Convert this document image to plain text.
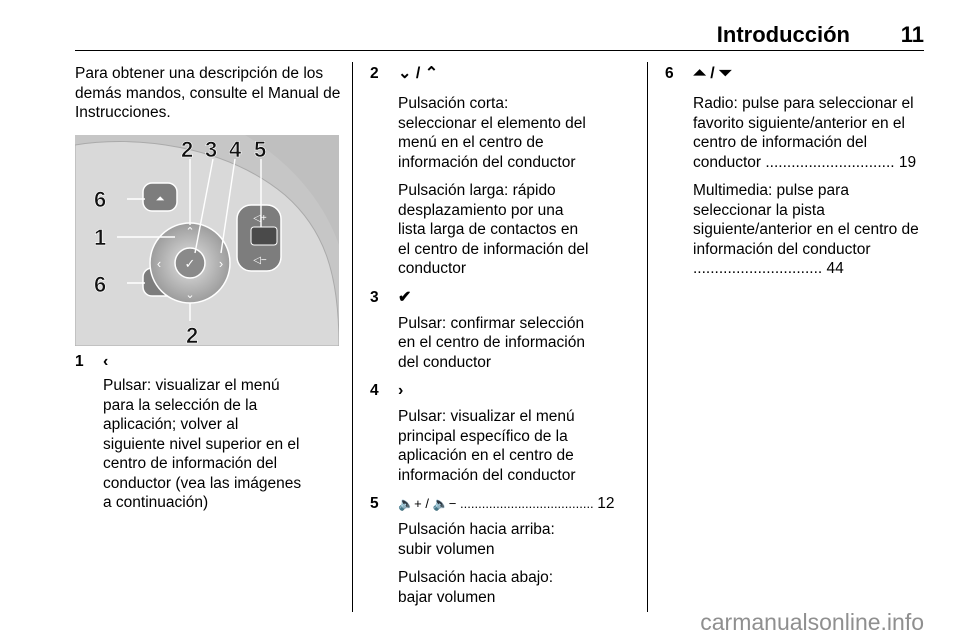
Introducción 11

Para obtener una descripción de los demás mandos, consulte el Manual de Instrucciones.

⏶
✓
⌃
⌄
‹	›
◁+
◁−
2 3 4 5
6
1
6
2
1 ‹

Pulsar: visualizar el menú para la selección de la aplicación; volver al siguiente nivel superior en el centro de información del conductor (vea las imágenes a continuación)

2 ⌄ / ⌃

Pulsación corta: seleccionar el elemento del menú en el centro de información del conductor

Pulsación larga: rápido desplazamiento por una lista larga de contactos en el centro de información del conductor

3 ✔

Pulsar: confirmar selección en el centro de información del conductor

4 ›

Pulsar: visualizar el menú principal específico de la aplicación en el centro de información del conductor

5 🔈+ / 🔈− ..................................... 12

Pulsación hacia arriba: subir volumen

Pulsación hacia abajo: bajar volumen

6 ⏶ / ⏷

Radio: pulse para seleccionar el favorito siguiente/anterior en el centro de información del conductor .............................. 19

Multimedia: pulse para seleccionar la pista siguiente/anterior en el centro de información del conductor .............................. 44

carmanualsonline.info
